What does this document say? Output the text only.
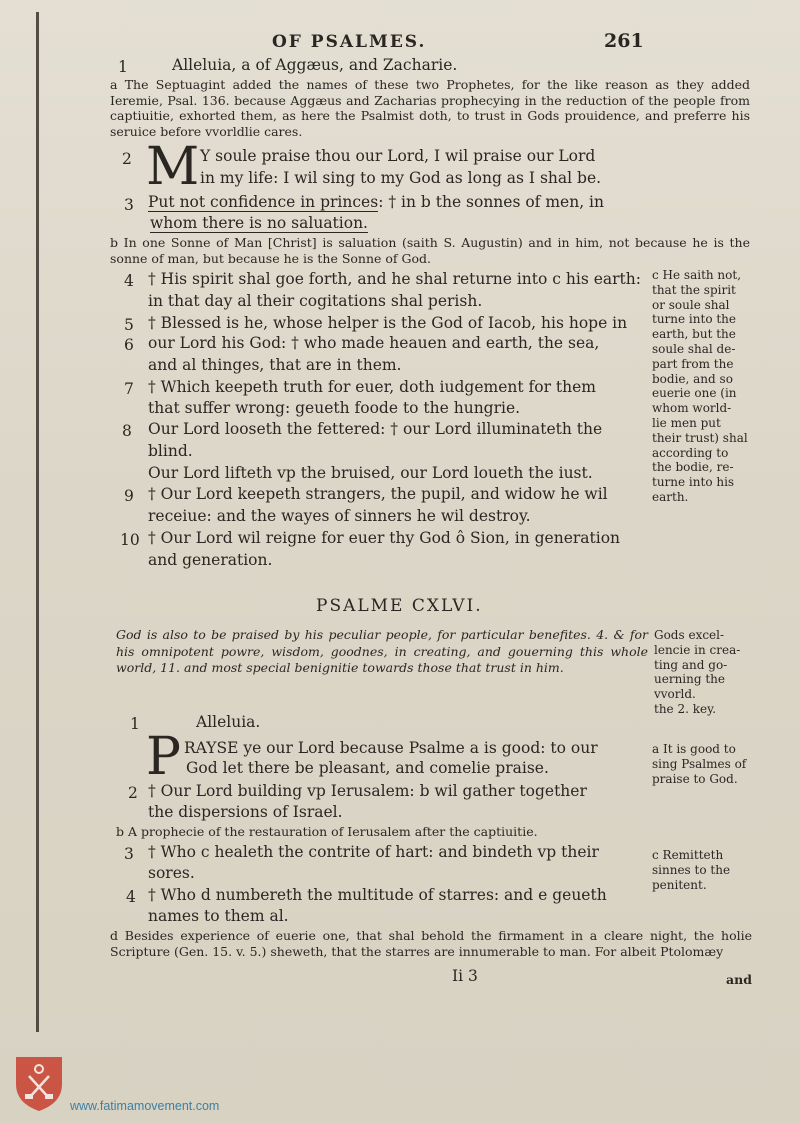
OF PSALMES.	261
1	Alleluia, a of Aggæus, and Zacharie.
a The Septuagint added the names of these two Prophetes, for the like reason as they added Ieremie, Psal. 136. because Aggæus and Zacharias prophecying in the reduction of the people from captiuitie, exhorted them, as here the Psalmist doth, to trust in Gods prouidence, and preferre his seruice before vvorldlie cares.
2 M Y soule praise thou our Lord, I wil praise our Lord
in my life: I wil sing to my God as long as I shal be.
3 Put not confidence in princes: † in b the sonnes of men, in
whom there is no saluation.
b In one Sonne of Man [Christ] is saluation (saith S. Augustin) and in him, not because he is the sonne of man, but because he is the Sonne of God.
4 † His spirit shal goe forth, and he shal returne into c his earth:
in that day al their cogitations shal perish.
5 † Blessed is he, whose helper is the God of Iacob, his hope in
6 our Lord his God: † who made heauen and earth, the sea,
and al thinges, that are in them.
7 † Which keepeth truth for euer, doth iudgement for them
that suffer wrong: geueth foode to the hungrie.
8 Our Lord looseth the fettered: † our Lord illuminateth the
blind.
Our Lord lifteth vp the bruised, our Lord loueth the iust.
9 † Our Lord keepeth strangers, the pupil, and widow he wil
receiue: and the wayes of sinners he wil destroy.
10 † Our Lord wil reigne for euer thy God ô Sion, in generation
and generation.
c He saith not,
that the spirit
or soule shal
turne into the
earth, but the
soule shal de-
part from the
bodie, and so
euerie one (in
whom world-
lie men put
their trust) shal
according to
the bodie, re-
turne into his
earth.
PSALME CXLVI.
God is also to be praised by his peculiar people, for particular benefites. 4. & for his omnipotent powre, wisdom, goodnes, in creating, and gouerning this whole world, 11. and most special benignitie towards those that trust in him.
Gods excel-
lencie in crea-
ting and go-
uerning the
vvorld.
the 2. key.
1	Alleluia.
P RAYSE ye our Lord because Psalme a is good: to our
God let there be pleasant, and comelie praise.
a It is good to
sing Psalmes of
praise to God.
2 † Our Lord building vp Ierusalem: b wil gather together
the dispersions of Israel.
b A prophecie of the restauration of Ierusalem after the captiuitie.
3 † Who c healeth the contrite of hart: and bindeth vp their
sores.
c Remitteth
sinnes to the
penitent.
4 † Who d numbereth the multitude of starres: and e geueth
names to them al.
d Besides experience of euerie one, that shal behold the firmament in a cleare night, the holie Scripture (Gen. 15. v. 5.) sheweth, that the starres are innumerable to man. For albeit Ptolomæy
Ii 3	and
www.fatimamovement.com
